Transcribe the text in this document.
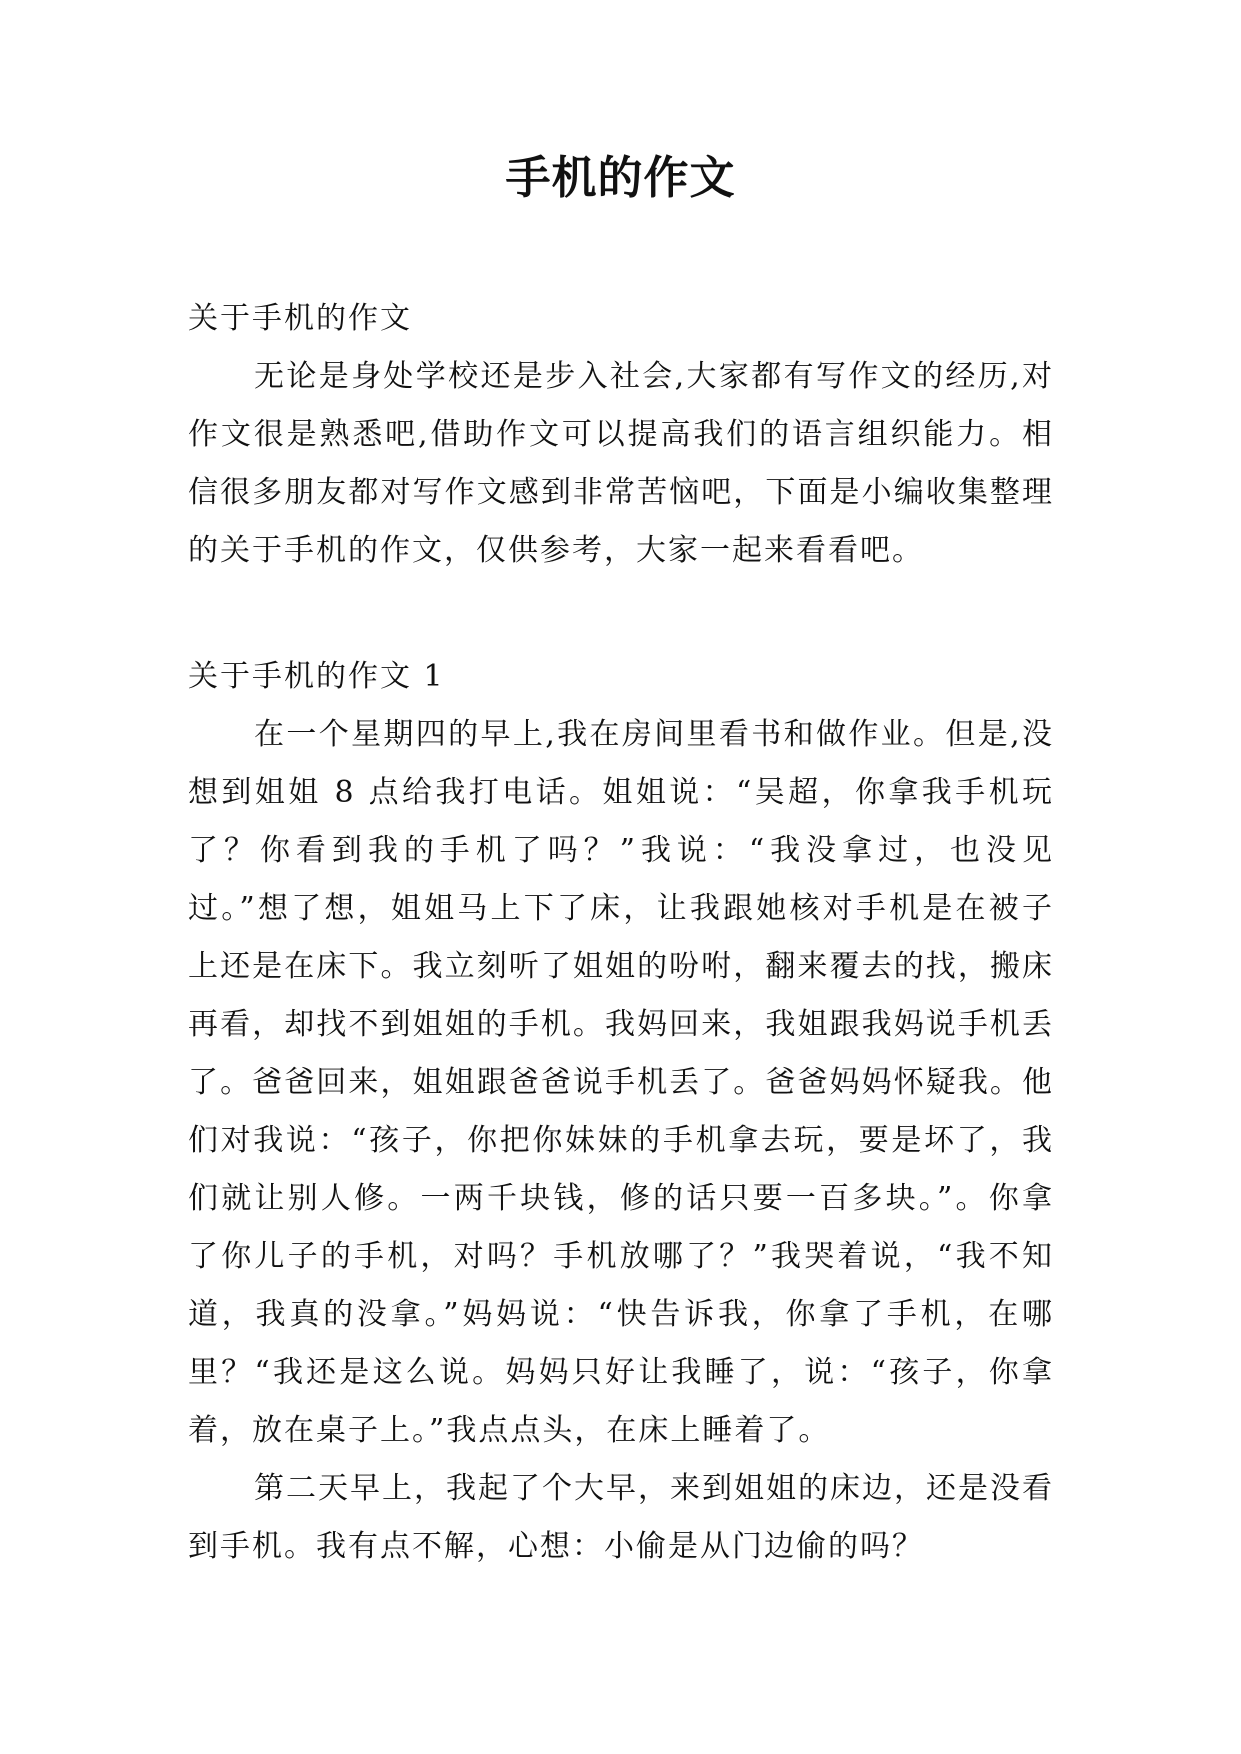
手机的作文

关于手机的作文

无论是身处学校还是步入社会,大家都有写作文的经历,对作文很是熟悉吧,借助作文可以提高我们的语言组织能力。相信很多朋友都对写作文感到非常苦恼吧，下面是小编收集整理的关于手机的作文，仅供参考，大家一起来看看吧。

关于手机的作文 1

在一个星期四的早上,我在房间里看书和做作业。但是,没想到姐姐 8 点给我打电话。姐姐说：“吴超，你拿我手机玩了？你看到我的手机了吗？”我说：“我没拿过，也没见过。”想了想，姐姐马上下了床，让我跟她核对手机是在被子上还是在床下。我立刻听了姐姐的吩咐，翻来覆去的找，搬床再看，却找不到姐姐的手机。我妈回来，我姐跟我妈说手机丢了。爸爸回来，姐姐跟爸爸说手机丢了。爸爸妈妈怀疑我。他们对我说：“孩子，你把你妹妹的手机拿去玩，要是坏了，我们就让别人修。一两千块钱，修的话只要一百多块。”。你拿了你儿子的手机，对吗？手机放哪了？”我哭着说，“我不知道，我真的没拿。”妈妈说：“快告诉我，你拿了手机，在哪里？“我还是这么说。妈妈只好让我睡了，说：“孩子，你拿着，放在桌子上。”我点点头，在床上睡着了。

第二天早上，我起了个大早，来到姐姐的床边，还是没看到手机。我有点不解，心想：小偷是从门边偷的吗？
